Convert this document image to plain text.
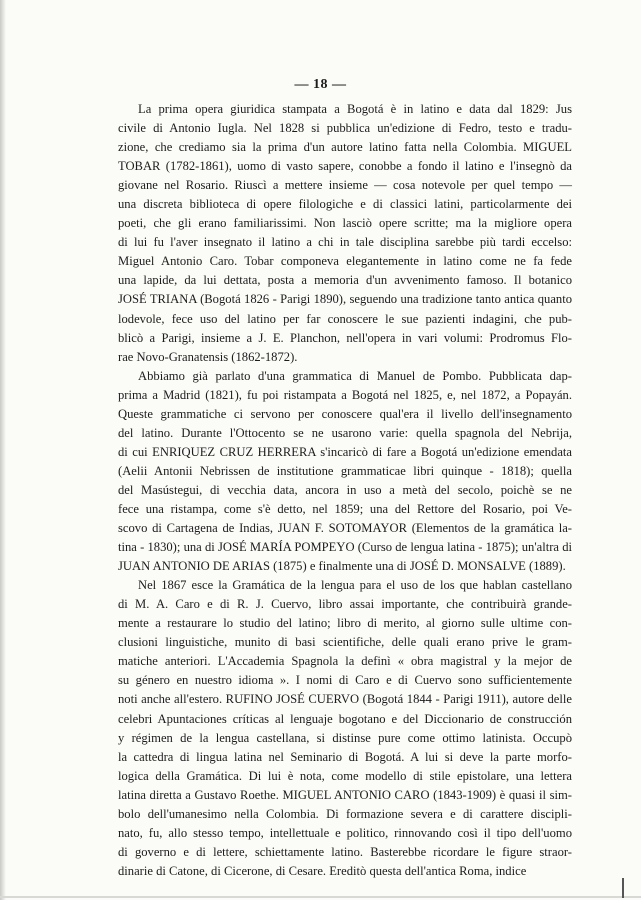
— 18 —

La prima opera giuridica stampata a Bogotá è in latino e data dal 1829: Jus

civile di Antonio Iugla. Nel 1828 si pubblica un'edizione di Fedro, testo e tradu-

zione, che crediamo sia la prima d'un autore latino fatta nella Colombia. MIGUEL

TOBAR (1782-1861), uomo di vasto sapere, conobbe a fondo il latino e l'insegnò da

giovane nel Rosario. Riuscì a mettere insieme — cosa notevole per quel tempo —

una discreta biblioteca di opere filologiche e di classici latini, particolarmente dei

poeti, che gli erano familiarissimi. Non lasciò opere scritte; ma la migliore opera

di lui fu l'aver insegnato il latino a chi in tale disciplina sarebbe più tardi eccelso:

Miguel Antonio Caro. Tobar componeva elegantemente in latino come ne fa fede

una lapide, da lui dettata, posta a memoria d'un avvenimento famoso. Il botanico

JOSÉ TRIANA (Bogotá 1826 - Parigi 1890), seguendo una tradizione tanto antica quanto

lodevole, fece uso del latino per far conoscere le sue pazienti indagini, che pub-

blicò a Parigi, insieme a J. E. Planchon, nell'opera in vari volumi: Prodromus Flo-

rae Novo-Granatensis (1862-1872).

Abbiamo già parlato d'una grammatica di Manuel de Pombo. Pubblicata dap-

prima a Madrid (1821), fu poi ristampata a Bogotá nel 1825, e, nel 1872, a Popayán.

Queste grammatiche ci servono per conoscere qual'era il livello dell'insegnamento

del latino. Durante l'Ottocento se ne usarono varie: quella spagnola del Nebrija,

di cui ENRIQUEZ CRUZ HERRERA s'incaricò di fare a Bogotá un'edizione emendata

(Aelii Antonii Nebrissen de institutione grammaticae libri quinque - 1818); quella

del Masústegui, di vecchia data, ancora in uso a metà del secolo, poichè se ne

fece una ristampa, come s'è detto, nel 1859; una del Rettore del Rosario, poi Ve-

scovo di Cartagena de Indias, JUAN F. SOTOMAYOR (Elementos de la gramática la-

tina - 1830); una di JOSÉ MARÍA POMPEYO (Curso de lengua latina - 1875); un'altra di

JUAN ANTONIO DE ARIAS (1875) e finalmente una di JOSÉ D. MONSALVE (1889).

Nel 1867 esce la Gramática de la lengua para el uso de los que hablan castellano

di M. A. Caro e di R. J. Cuervo, libro assai importante, che contribuirà grande-

mente a restaurare lo studio del latino; libro di merito, al giorno sulle ultime con-

clusioni linguistiche, munito di basi scientifiche, delle quali erano prive le gram-

matiche anteriori. L'Accademia Spagnola la definì « obra magistral y la mejor de

su género en nuestro idioma ». I nomi di Caro e di Cuervo sono sufficientemente

noti anche all'estero. RUFINO JOSÉ CUERVO (Bogotá 1844 - Parigi 1911), autore delle

celebri Apuntaciones críticas al lenguaje bogotano e del Diccionario de construcción

y régimen de la lengua castellana, si distinse pure come ottimo latinista. Occupò

la cattedra di lingua latina nel Seminario di Bogotá. A lui si deve la parte morfo-

logica della Gramática. Di lui è nota, come modello di stile epistolare, una lettera

latina diretta a Gustavo Roethe. MIGUEL ANTONIO CARO (1843-1909) è quasi il sim-

bolo dell'umanesimo nella Colombia. Di formazione severa e di carattere discipli-

nato, fu, allo stesso tempo, intellettuale e politico, rinnovando così il tipo dell'uomo

di governo e di lettere, schiettamente latino. Basterebbe ricordare le figure straor-

dinarie di Catone, di Cicerone, di Cesare. Ereditò questa dell'antica Roma, indice
